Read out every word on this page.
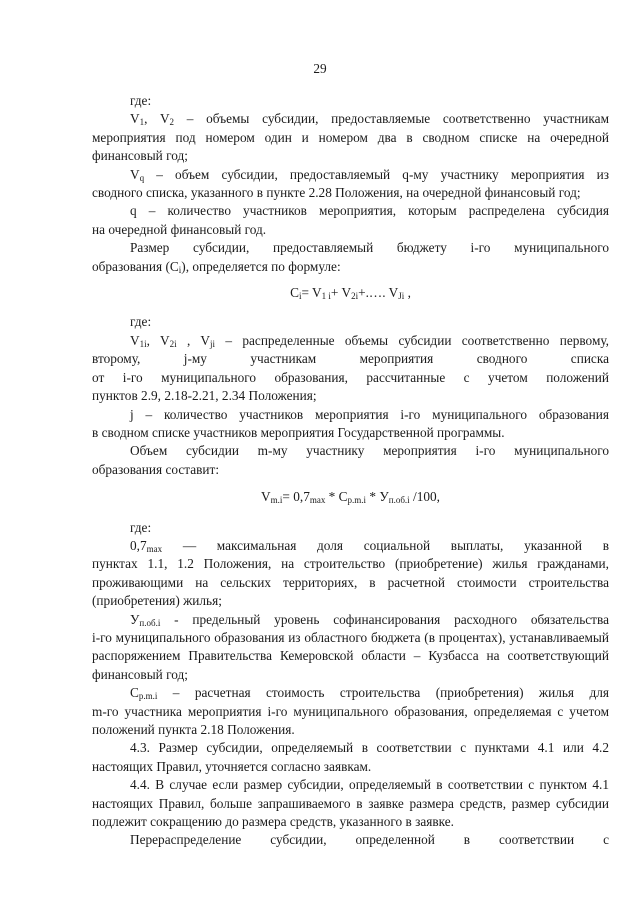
29

где:

$V_1$, $V_2$ – объемы субсидии, предоставляемые соответственно участникам
мероприятия под номером один и номером два в сводном списке на очередной финансовый год;

$V_q$ – объем субсидии, предоставляемый q-му участнику мероприятия из
сводного списка, указанного в пункте 2.28 Положения, на очередной финансовый год;

q – количество участников мероприятия, которым распределена субсидия
на очередной финансовый год.

Размер субсидии, предоставляемый бюджету i-го муниципального
образования $(C_i)$, определяется по формуле:

$C_i= V_{1 i}+$ $V_{2i}+.\dots$. $V_{Ji}$ ,

где:

$V_{1i}$, $V_{2i}$ , $V_{ji}$ – распределенные объемы субсидии соответственно первому,
второму, j-му участникам мероприятия сводного списка
от i-го муниципального образования, рассчитанные с учетом положений
пунктов 2.9, 2.18-2.21, 2.34 Положения;

j – количество участников мероприятия i-го муниципального образования
в сводном списке участников мероприятия Государственной программы.

Объем субсидии m-му участнику мероприятия i-го муниципального
образования составит:

$V_{m.i}= 0,7_{max} * C_{p.m.i} * У_{п.об.i}$ /100,

где:

$0,7_{max}$ — максимальная доля социальной выплаты, указанной в
пунктах 1.1, 1.2 Положения, на строительство (приобретение) жилья гражданами, проживающими на сельских территориях, в расчетной стоимости строительства (приобретения) жилья;

$У_{п.об.i}$ - предельный уровень софинансирования расходного обязательства
i-го муниципального образования из областного бюджета (в процентах), устанавливаемый распоряжением Правительства Кемеровской области – Кузбасса на соответствующий финансовый год;

$C_{p.m.i}$ – расчетная стоимость строительства (приобретения) жилья для
m-го участника мероприятия i-го муниципального образования, определяемая с учетом положений пункта 2.18 Положения.

4.3. Размер субсидии, определяемый в соответствии с пунктами 4.1 или 4.2 настоящих Правил, уточняется согласно заявкам.

4.4. В случае если размер субсидии, определяемый в соответствии с пунктом 4.1 настоящих Правил, больше запрашиваемого в заявке размера средств, размер субсидии подлежит сокращению до размера средств, указанного в заявке.

Перераспределение субсидии, определенной в соответствии с
